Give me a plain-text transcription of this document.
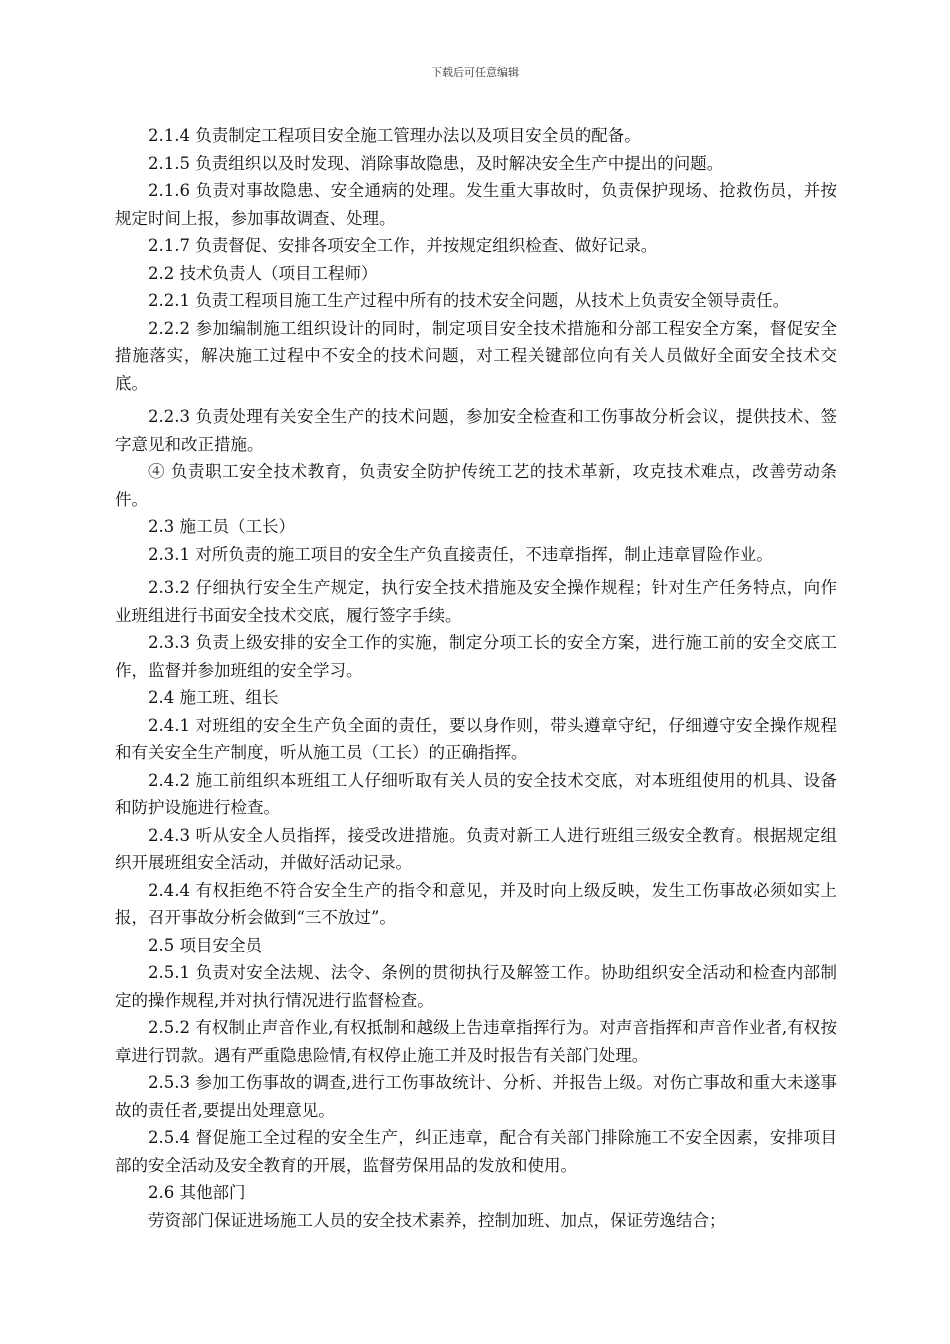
下载后可任意编辑

2.1.4 负责制定工程项目安全施工管理办法以及项目安全员的配备。

2.1.5 负责组织以及时发现、消除事故隐患，及时解决安全生产中提出的问题。

2.1.6 负责对事故隐患、安全通病的处理。发生重大事故时，负责保护现场、抢救伤员，并按规定时间上报，参加事故调查、处理。

2.1.7 负责督促、安排各项安全工作，并按规定组织检查、做好记录。

2.2 技术负责人（项目工程师）

2.2.1 负责工程项目施工生产过程中所有的技术安全问题，从技术上负责安全领导责任。

2.2.2 参加编制施工组织设计的同时，制定项目安全技术措施和分部工程安全方案，督促安全措施落实，解决施工过程中不安全的技术问题，对工程关键部位向有关人员做好全面安全技术交底。

2.2.3 负责处理有关安全生产的技术问题，参加安全检查和工伤事故分析会议，提供技术、签字意见和改正措施。

④ 负责职工安全技术教育，负责安全防护传统工艺的技术革新，攻克技术难点，改善劳动条件。

2.3 施工员（工长）

2.3.1 对所负责的施工项目的安全生产负直接责任，不违章指挥，制止违章冒险作业。

2.3.2 仔细执行安全生产规定，执行安全技术措施及安全操作规程；针对生产任务特点，向作业班组进行书面安全技术交底，履行签字手续。

2.3.3 负责上级安排的安全工作的实施，制定分项工长的安全方案，进行施工前的安全交底工作，监督并参加班组的安全学习。

2.4 施工班、组长

2.4.1 对班组的安全生产负全面的责任，要以身作则，带头遵章守纪，仔细遵守安全操作规程和有关安全生产制度，听从施工员（工长）的正确指挥。

2.4.2 施工前组织本班组工人仔细听取有关人员的安全技术交底，对本班组使用的机具、设备和防护设施进行检查。

2.4.3 听从安全人员指挥，接受改进措施。负责对新工人进行班组三级安全教育。根据规定组织开展班组安全活动，并做好活动记录。

2.4.4 有权拒绝不符合安全生产的指令和意见，并及时向上级反映，发生工伤事故必须如实上报，召开事故分析会做到“三不放过”。

2.5 项目安全员

2.5.1 负责对安全法规、法令、条例的贯彻执行及解签工作。协助组织安全活动和检查内部制定的操作规程,并对执行情况进行监督检查。

2.5.2 有权制止声音作业,有权抵制和越级上告违章指挥行为。对声音指挥和声音作业者,有权按章进行罚款。遇有严重隐患险情,有权停止施工并及时报告有关部门处理。

2.5.3 参加工伤事故的调查,进行工伤事故统计、分析、并报告上级。对伤亡事故和重大未遂事故的责任者,要提出处理意见。

2.5.4 督促施工全过程的安全生产，纠正违章，配合有关部门排除施工不安全因素，安排项目部的安全活动及安全教育的开展，监督劳保用品的发放和使用。

2.6 其他部门

劳资部门保证进场施工人员的安全技术素养，控制加班、加点，保证劳逸结合；
